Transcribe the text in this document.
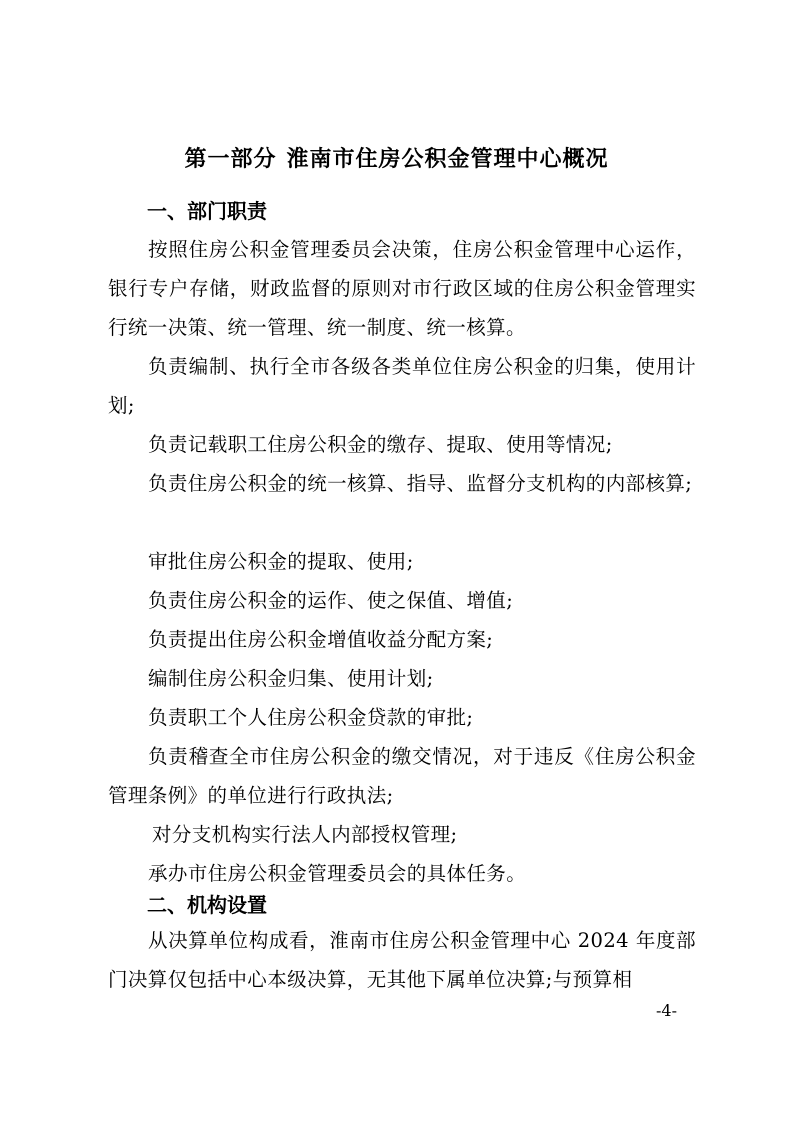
第一部分 淮南市住房公积金管理中心概况
一、部门职责

按照住房公积金管理委员会决策，住房公积金管理中心运作，银行专户存储，财政监督的原则对市行政区域的住房公积金管理实行统一决策、统一管理、统一制度、统一核算。

负责编制、执行全市各级各类单位住房公积金的归集，使用计划;

负责记载职工住房公积金的缴存、提取、使用等情况;

负责住房公积金的统一核算、指导、监督分支机构的内部核算;

审批住房公积金的提取、使用;

负责住房公积金的运作、使之保值、增值;

负责提出住房公积金增值收益分配方案;

编制住房公积金归集、使用计划;

负责职工个人住房公积金贷款的审批;

负责稽查全市住房公积金的缴交情况，对于违反《住房公积金管理条例》的单位进行行政执法;

对分支机构实行法人内部授权管理;

承办市住房公积金管理委员会的具体任务。

二、机构设置

从决算单位构成看，淮南市住房公积金管理中心 2024 年度部门决算仅包括中心本级决算，无其他下属单位决算;与预算相

-4-
